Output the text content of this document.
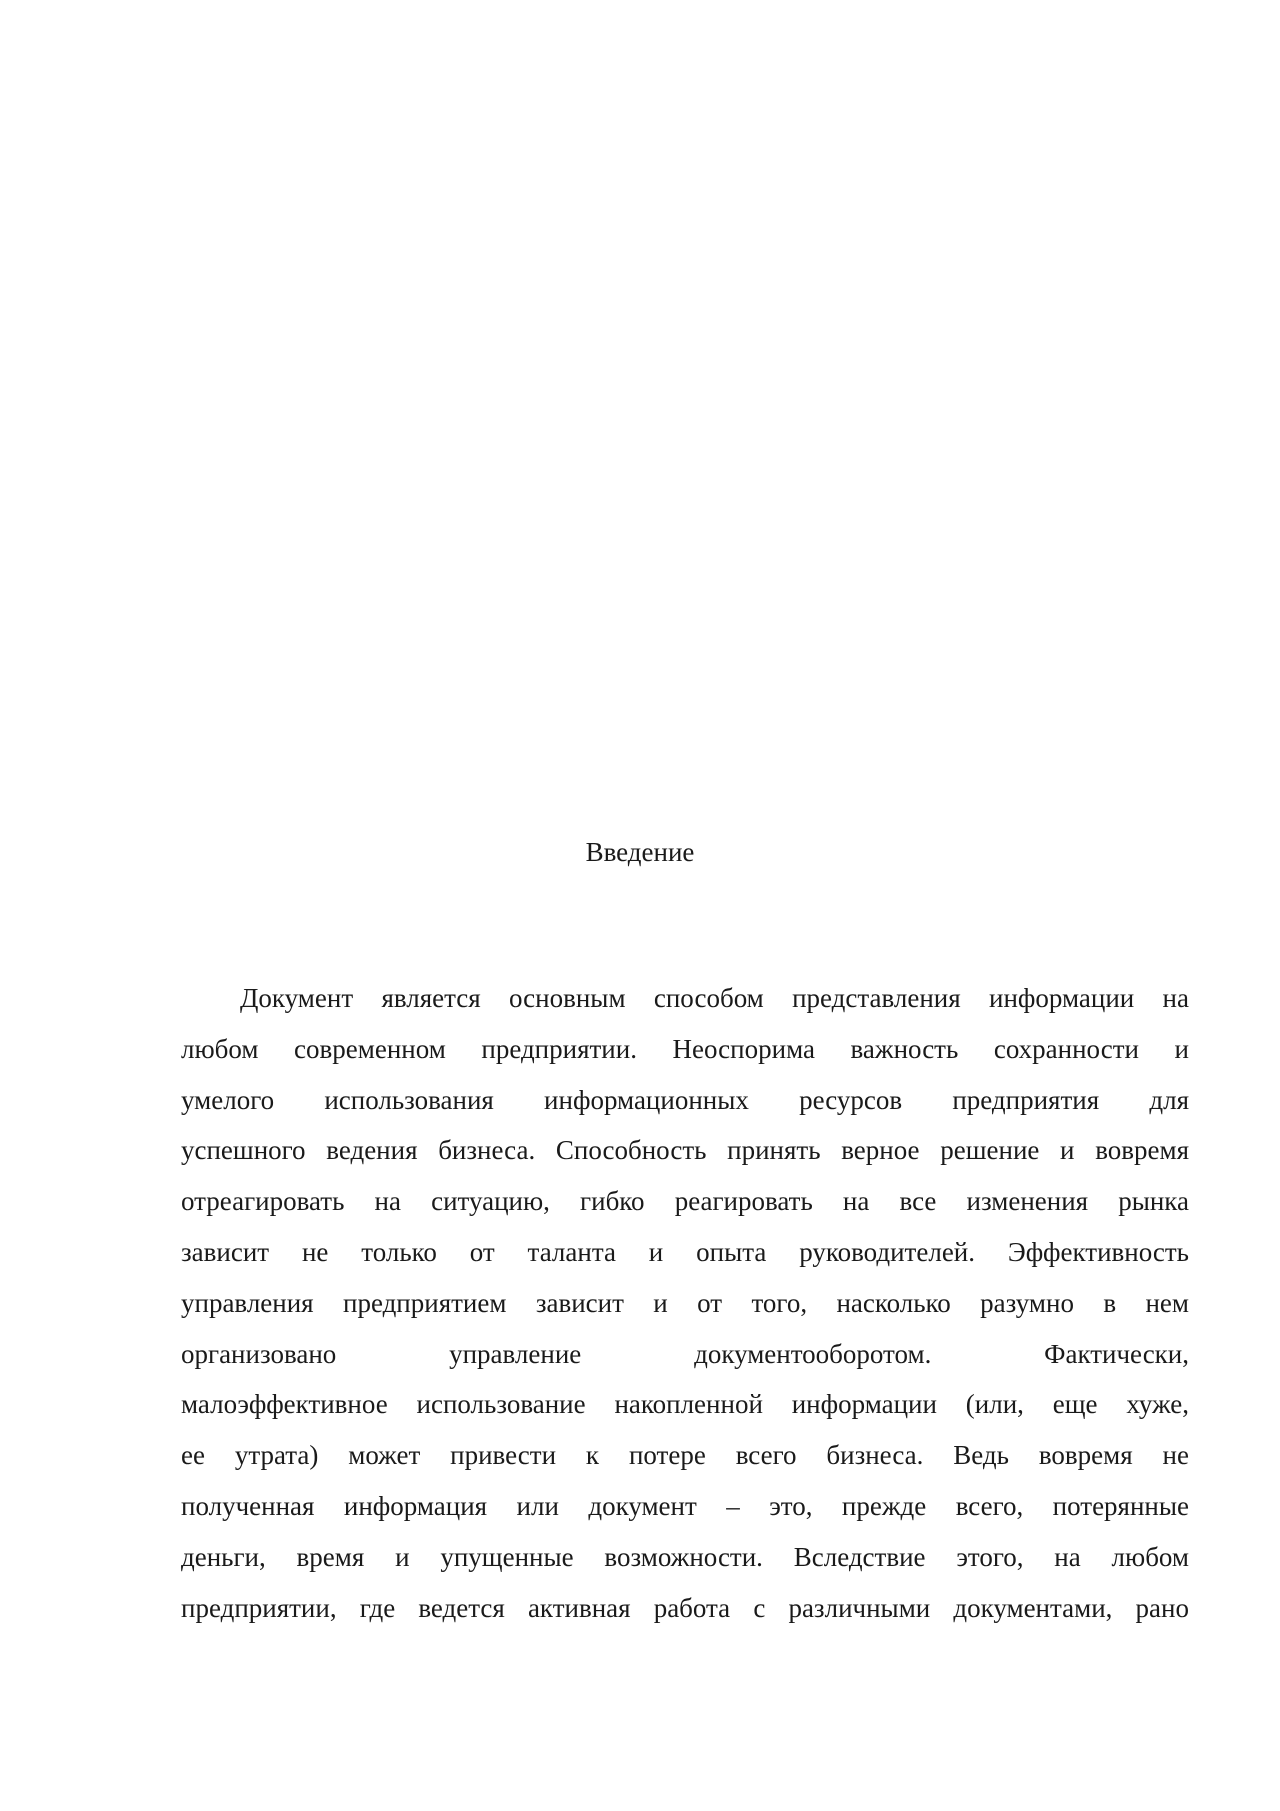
Введение
Документ является основным способом представления информации на
любом современном предприятии. Неоспорима важность сохранности и
умелого использования информационных ресурсов предприятия для
успешного ведения бизнеса. Способность принять верное решение и вовремя
отреагировать на ситуацию, гибко реагировать на все изменения рынка
зависит не только от таланта и опыта руководителей. Эффективность
управления предприятием зависит и от того, насколько разумно в нем
организовано управление документооборотом. Фактически,
малоэффективное использование накопленной информации (или, еще хуже,
ее утрата) может привести к потере всего бизнеса. Ведь вовремя не
полученная информация или документ – это, прежде всего, потерянные
деньги, время и упущенные возможности. Вследствие этого, на любом
предприятии, где ведется активная работа с различными документами, рано
